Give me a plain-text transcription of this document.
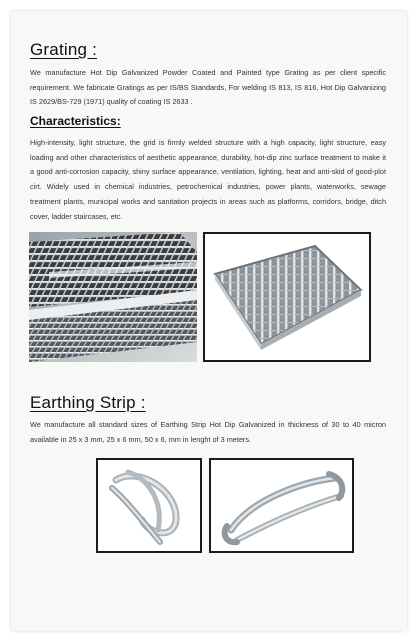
Grating :

We manufacture Hot Dip Galvanized Powder Coated and Painted type Grating as per client specific requirement. We fabricate Gratings as per IS/BS Standards, For welding IS 813, IS 816, Hot Dip Galvanizing IS 2629/BS-729 (1971) quality of coating IS 2633 .

Characteristics:

High-intensity, light structure, the grid is firmly welded structure with a high capacity, light structure, easy loading and other characteristics of aesthetic appearance, durability, hot-dip zinc surface treatment to make it a good anti-corrosion capacity, shiny surface appearance, ventilation, lighting, heat and anti-skid of good-plot cirt. Widely used in chemical industries, petrochemical industries, power plants, waterworks, sewage treatment plants, municipal works and sanitation projects in areas such as platforms, corridors, bridge, ditch cover, ladder staircases, etc.

Earthing Strip :

We manufacture all standard sizes of Earthing Strip Hot Dip Galvanized in thickness of 30 to 40 micron available in 25 x 3 mm, 25 x 6 mm, 50 x 6, mm in lenght of 3 meters.
